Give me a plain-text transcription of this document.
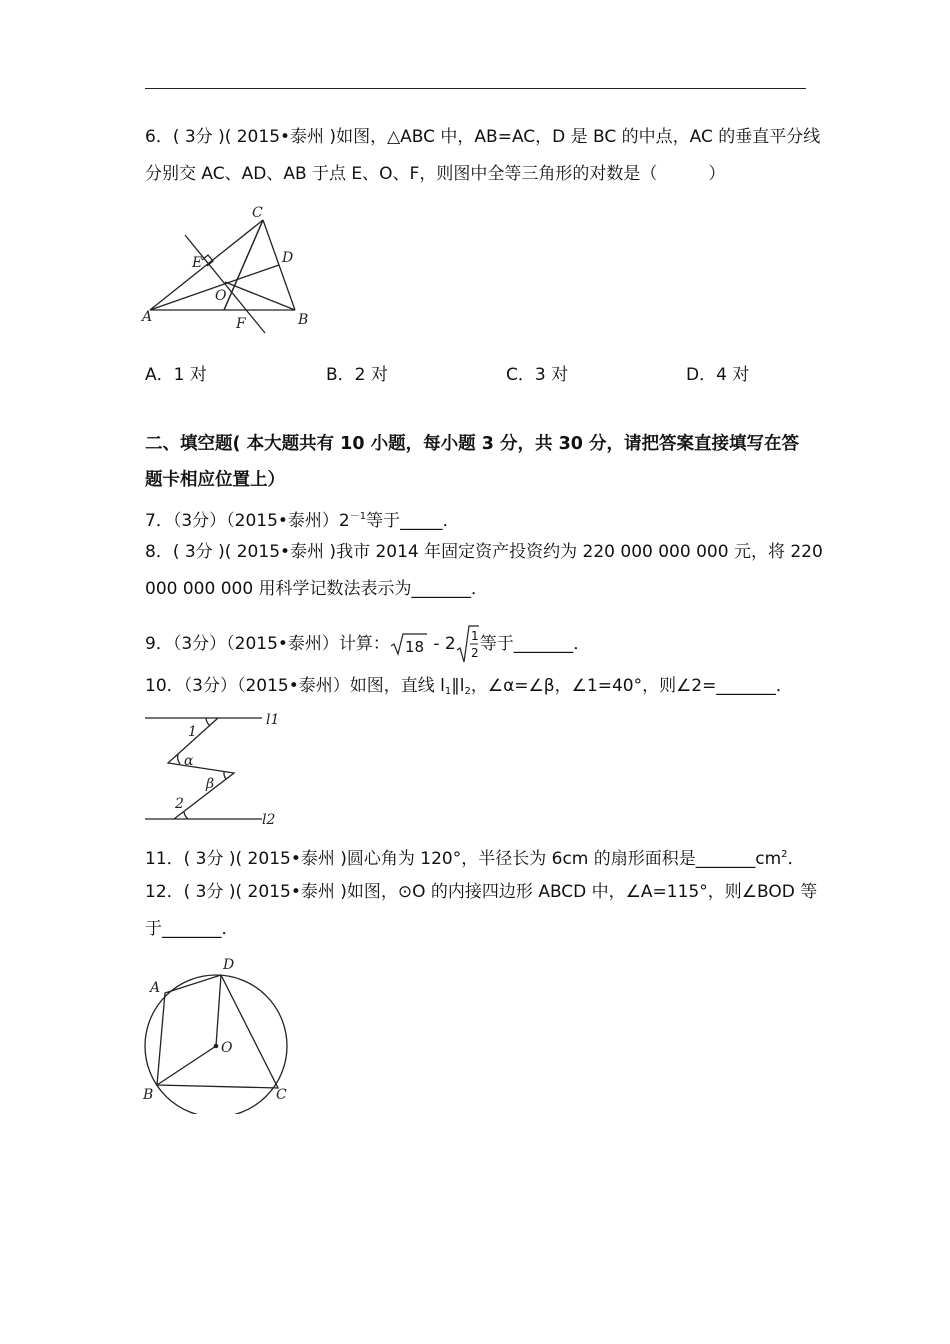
6．( 3分 )( 2015•泰州 )如图，△ABC 中，AB=AC，D 是 BC 的中点，AC 的垂直平分线
分别交 AC、AD、AB 于点 E、O、F，则图中全等三角形的对数是（　　　）
C
E	D
O
A	F	B
A．1 对	B．2 对	C．3 对	D．4 对
二、填空题( 本大题共有 10 小题，每小题 3 分，共 30 分，请把答案直接填写在答
题卡相应位置上）
7．（3分）（2015•泰州）$2^{-1}$等于_____．
8．( 3分 )( 2015•泰州 )我市 2014 年固定资产投资约为 220 000 000 000 元，将 220
000 000 000 用科学记数法表示为_______．
9．（3分）（2015•泰州）计算： 18 - 2 1
2 等于_______．
10．（3分）（2015•泰州）如图，直线 $l_1\parallel l_2$，∠α=∠β，∠1=40°，则∠2=_______．
l1
1
α
β
2
l2
11．( 3分 )( 2015•泰州 )圆心角为 120°，半径长为 6cm 的扇形面积是$\_\_\_\_\_\_\_cm^2$．
12．( 3分 )( 2015•泰州 )如图，⊙O 的内接四边形 ABCD 中，∠A=115°，则∠BOD 等
于_______．
D
A
O
B	C
